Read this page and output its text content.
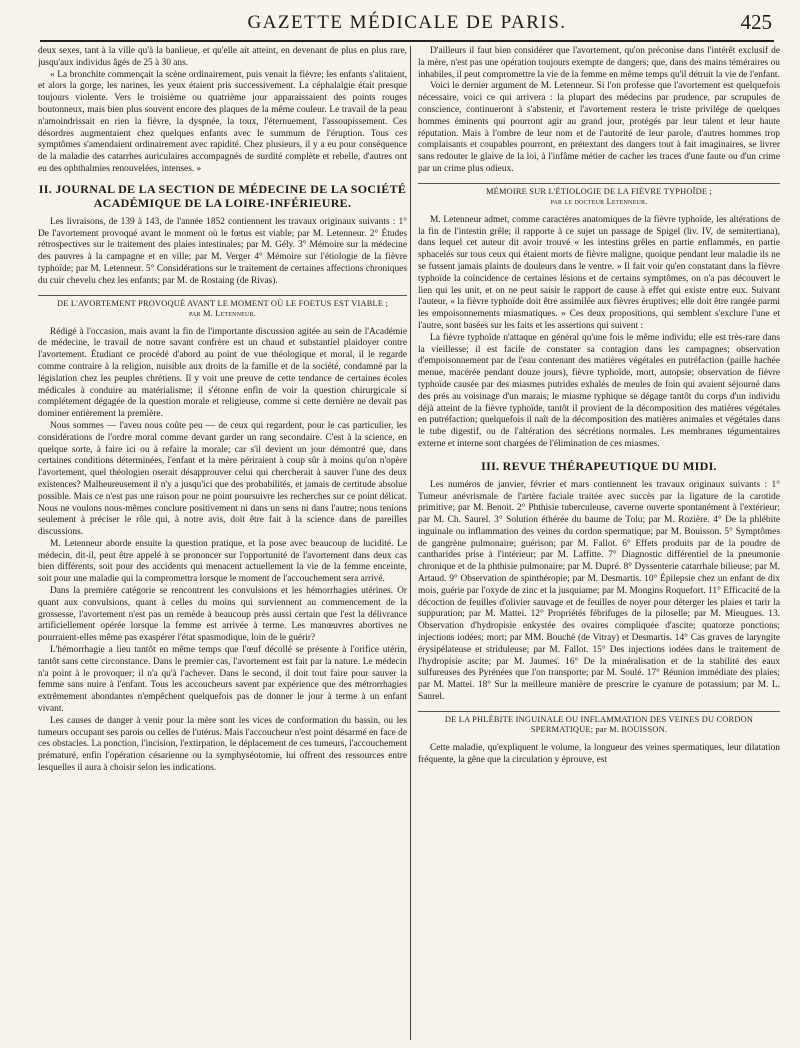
GAZETTE MÉDICALE DE PARIS.	425

deux sexes, tant à la ville qu'à la banlieue, et qu'elle ait atteint, en devenant de plus en plus rare, jusqu'aux individus âgés de 25 à 30 ans.

« La bronchite commençait la scène ordinairement, puis venait la fièvre; les enfants s'alitaient, et alors la gorge, les narines, les yeux étaient pris successivement. La céphalalgie était presque toujours violente. Vers le troisième ou quatrième jour apparaissaient des points rouges boutonneux, mais bien plus souvent encore des plaques de la même couleur. Le travail de la peau n'amoindrissait en rien la fièvre, la dyspnée, la toux, l'éternuement, l'assoupissement. Ces désordres augmentaient chez quelques enfants avec le summum de l'éruption. Tous ces symptômes s'amendaient ordinairement avec rapidité. Chez plusieurs, il y a eu pour conséquence de la maladie des catarrhes auriculaires accompagnés de surdité complète et rebelle, d'autres ont eu des ophthalmies renouvelées, intenses. »

II. JOURNAL DE LA SECTION DE MÉDECINE DE LA SOCIÉTÉ ACADÉMIQUE DE LA LOIRE-INFÉRIEURE.

Les livraisons, de 139 à 143, de l'année 1852 contiennent les travaux originaux suivants : 1° De l'avortement provoqué avant le moment où le fœtus est viable; par M. Letenneur. 2° Études rétrospectives sur le traitement des plaies intestinales; par M. Gély. 3° Mémoire sur la médecine des pauvres à la campagne et en ville; par M. Verger 4° Mémoire sur l'étiologie de la fièvre typhoïde; par M. Letenneur. 5° Considérations sur le traitement de certaines affections chroniques du cuir chevelu chez les enfants; par M. de Rostaing (de Rivas).

DE L'AVORTEMENT PROVOQUÉ AVANT LE MOMENT OÙ LE FOETUS EST VIABLE ;
par M. Letenneur.

Rédigé à l'occasion, mais avant la fin de l'importante discussion agitée au sein de l'Académie de médecine, le travail de notre savant confrère est un chaud et substantiel plaidoyer contre l'avortement. Étudiant ce procédé d'abord au point de vue théologique et moral, il le regarde comme contraire à la religion, nuisible aux droits de la famille et de la société, condamné par la législation chez les peuples chrétiens. Il y voit une preuve de cette tendance de certaines écoles médicales à conduire au matérialisme; il s'étonne enfin de voir la question chirurgicale si complétement dégagée de la question morale et religieuse, comme si cette dernière ne devait pas dominer entièrement la première.

Nous sommes — l'aveu nous coûte peu — de ceux qui regardent, pour le cas particulier, les considérations de l'ordre moral comme devant garder un rang secondaire. C'est à la science, en quelque sorte, à faire ici ou à refaire la morale; car s'il devient un jour démontré que, dans certaines conditions déterminées, l'enfant et la mère périraient à coup sûr à moins qu'on n'opère l'avortement, quel théologien oserait désapprouver celui qui chercherait à sauver l'une des deux existences? Malheureusement il n'y a jusqu'ici que des probabilités, et jamais de certitude absolue possible. Mais ce n'est pas une raison pour ne point poursuivre les recherches sur ce point délicat. Nous ne voulons nous-mêmes conclure positivement ni dans un sens ni dans l'autre; nous tenions seulement à préciser le rôle qui, à notre avis, doit être fait à la science dans de pareilles discussions.

M. Letenneur aborde ensuite la question pratique, et la pose avec beaucoup de lucidité. Le médecin, dit-il, peut être appelé à se prononcer sur l'opportunité de l'avortement dans deux cas bien différents, soit pour des accidents qui menacent actuellement la vie de la femme enceinte, soit pour une maladie qui la compromettra lorsque le moment de l'accouchement sera arrivé.

Dans la première catégorie se rencontrent les convulsions et les hémorrhagies utérines. Or quant aux convulsions, quant à celles du moins qui surviennent au commencement de la grossesse, l'avortement n'est pas un remède à beaucoup près aussi certain que l'est la délivrance artificiellement opérée lorsque la femme est arrivée à terme. Les manœuvres abortives ne pourraient-elles même pas exaspérer l'état spasmodique, loin de le guérir?

L'hémorrhagie a lieu tantôt en même temps que l'œuf décollé se présente à l'orifice utérin, tantôt sans cette circonstance. Dans le premier cas, l'avortement est fait par la nature. Le médecin n'a point à le provoquer; il n'a qu'à l'achever. Dans le second, il doit tout faire pour sauver la femme sans nuire à l'enfant. Tous les accoucheurs savent par expérience que des métrorrhagies extrêmement abondantes n'empêchent quelquefois pas de donner le jour à terme à un enfant vivant.

Les causes de danger à venir pour la mère sont les vices de conformation du bassin, ou les tumeurs occupant ses parois ou celles de l'utérus. Mais l'accoucheur n'est point désarmé en face de ces obstacles. La ponction, l'incision, l'extirpation, le déplacement de ces tumeurs, l'accouchement prématuré, enfin l'opération césarienne ou la symphyséotomie, lui offrent des ressources entre lesquelles il aura à choisir selon les indications.

D'ailleurs il faut bien considérer que l'avortement, qu'on préconise dans l'intérêt exclusif de la mère, n'est pas une opération toujours exempte de dangers; que, dans des mains téméraires ou inhabiles, il peut compromettre la vie de la femme en même temps qu'il détruit la vie de l'enfant.

Voici le dernier argument de M. Letenneur. Si l'on professe que l'avortement est quelquefois nécessaire, voici ce qui arrivera : la plupart des médecins par prudence, par scrupules de conscience, continueront à s'abstenir, et l'avortement restera le triste privilége de quelques hommes éminents qui pourront agir au grand jour, protégés par leur talent et leur haute réputation. Mais à l'ombre de leur nom et de l'autorité de leur parole, d'autres hommes trop complaisants et coupables pourront, en prétextant des dangers tout à fait imaginaires, se livrer sans redouter le glaive de la loi, à l'infâme métier de cacher les traces d'une faute ou d'un crime par un crime plus odieux.

MÉMOIRE SUR L'ÉTIOLOGIE DE LA FIÈVRE TYPHOÏDE ;
par le docteur Letenneur.

M. Letenneur admet, comme caractères anatomiques de la fièvre typhoïde, les altérations de la fin de l'intestin grêle; il rapporte à ce sujet un passage de Spigel (liv. IV, de semitertiana), dans lequel cet auteur dit avoir trouvé « les intestins grêles en partie enflammés, en partie sphacelés sur tous ceux qui étaient morts de fièvre maligne, quoique pendant leur maladie ils ne se fussent jamais plaints de douleurs dans le ventre. » Il fait voir qu'en constatant dans la fièvre typhoïde la coïncidence de certaines lésions et de certains symptômes, on n'a pas découvert le lien qui les unit, et on ne peut saisir le rapport de cause à effet qui existe entre eux. Suivant l'auteur, « la fièvre typhoïde doit être assimilée aux fièvres éruptives; elle doit être rangée parmi les empoisonnements miasmatiques. » Ces deux propositions, qui semblent s'exclure l'une et l'autre, sont basées sur les faits et les assertions qui suivent :

La fièvre typhoïde n'attaque en général qu'une fois le même individu; elle est très-rare dans la vieillesse; il est facile de constater sa contagion dans les campagnes; observation d'empoisonnement par de l'eau contenant des matières végétales en putréfaction (paille hachée menue, macérée pendant douze jours), fièvre typhoïde, mort, autopsie; observation de fièvre typhoïde causée par des miasmes putrides exhalés de meules de foin qui avaient séjourné dans des prés au voisinage d'un marais; le miasme typhique se dégage tantôt du corps d'un individu déjà atteint de la fièvre typhoïde, tantôt il provient de la décomposition des matières végétales en putréfaction; quelquefois il naît de la décomposition des matières animales et végétales dans le tube digestif, ou de l'altération des sécrétions normales. Les membranes tégumentaires externe et interne sont chargées de l'élimination de ces miasmes.

III. REVUE THÉRAPEUTIQUE DU MIDI.

Les numéros de janvier, février et mars contiennent les travaux originaux suivants : 1° Tumeur anévrismale de l'artère faciale traitée avec succès par la ligature de la carotide primitive; par M. Benoit. 2° Phthisie tuberculeuse, caverne ouverte spontanément à l'extérieur; par M. Ch. Saurel. 3° Solution éthérée du baume de Tolu; par M. Rozière. 4° De la phlébite inguinale ou inflammation des veines du cordon spermatique; par M. Bouisson. 5° Symptômes de gangrène pulmonaire; guérison; par M. Fallot. 6° Effets produits par de la poudre de cantharides prise à l'intérieur; par M. Laffitte. 7° Diagnostic différentiel de la pneumonie chronique et de la phthisie pulmonaire; par M. Dupré. 8° Dyssenterie catarrhale bilieuse; par M. Artaud. 9° Observation de spinthéropie; par M. Desmartis. 10° Épilepsie chez un enfant de dix mois, guérie par l'oxyde de zinc et la jusquiame; par M. Mongins Roquefort. 11° Efficacité de la décoction de feuilles d'olivier sauvage et de feuilles de noyer pour déterger les plaies et tarir la suppuration; par M. Mattei. 12° Propriétés fébrifuges de la piloselle; par M. Mieugues. 13. Observation d'hydropisie enkystée des ovaires compliquée d'ascite; quatorze ponctions; injections iodées; mort; par MM. Bouché (de Vitray) et Desmartis. 14° Cas graves de laryngite érysipélateuse et striduleuse; par M. Fallot. 15° Des injections iodées dans le traitement de l'hydropisie ascite; par M. Jaumes. 16° De la minéralisation et de la stabilité des eaux sulfureuses des Pyrénées que l'on transporte; par M. Soulé. 17° Réunion immédiate des plaies; par M. Mattei. 18° Sur la meilleure manière de prescrire le cyanure de potassium; par M. L. Saurel.

DE LA PHLÉBITE INGUINALE OU INFLAMMATION DES VEINES DU CORDON SPERMATIQUE; par M. BOUISSON.

Cette maladie, qu'expliquent le volume, la longueur des veines spermatiques, leur dilatation fréquente, la gêne que la circulation y éprouve, est
